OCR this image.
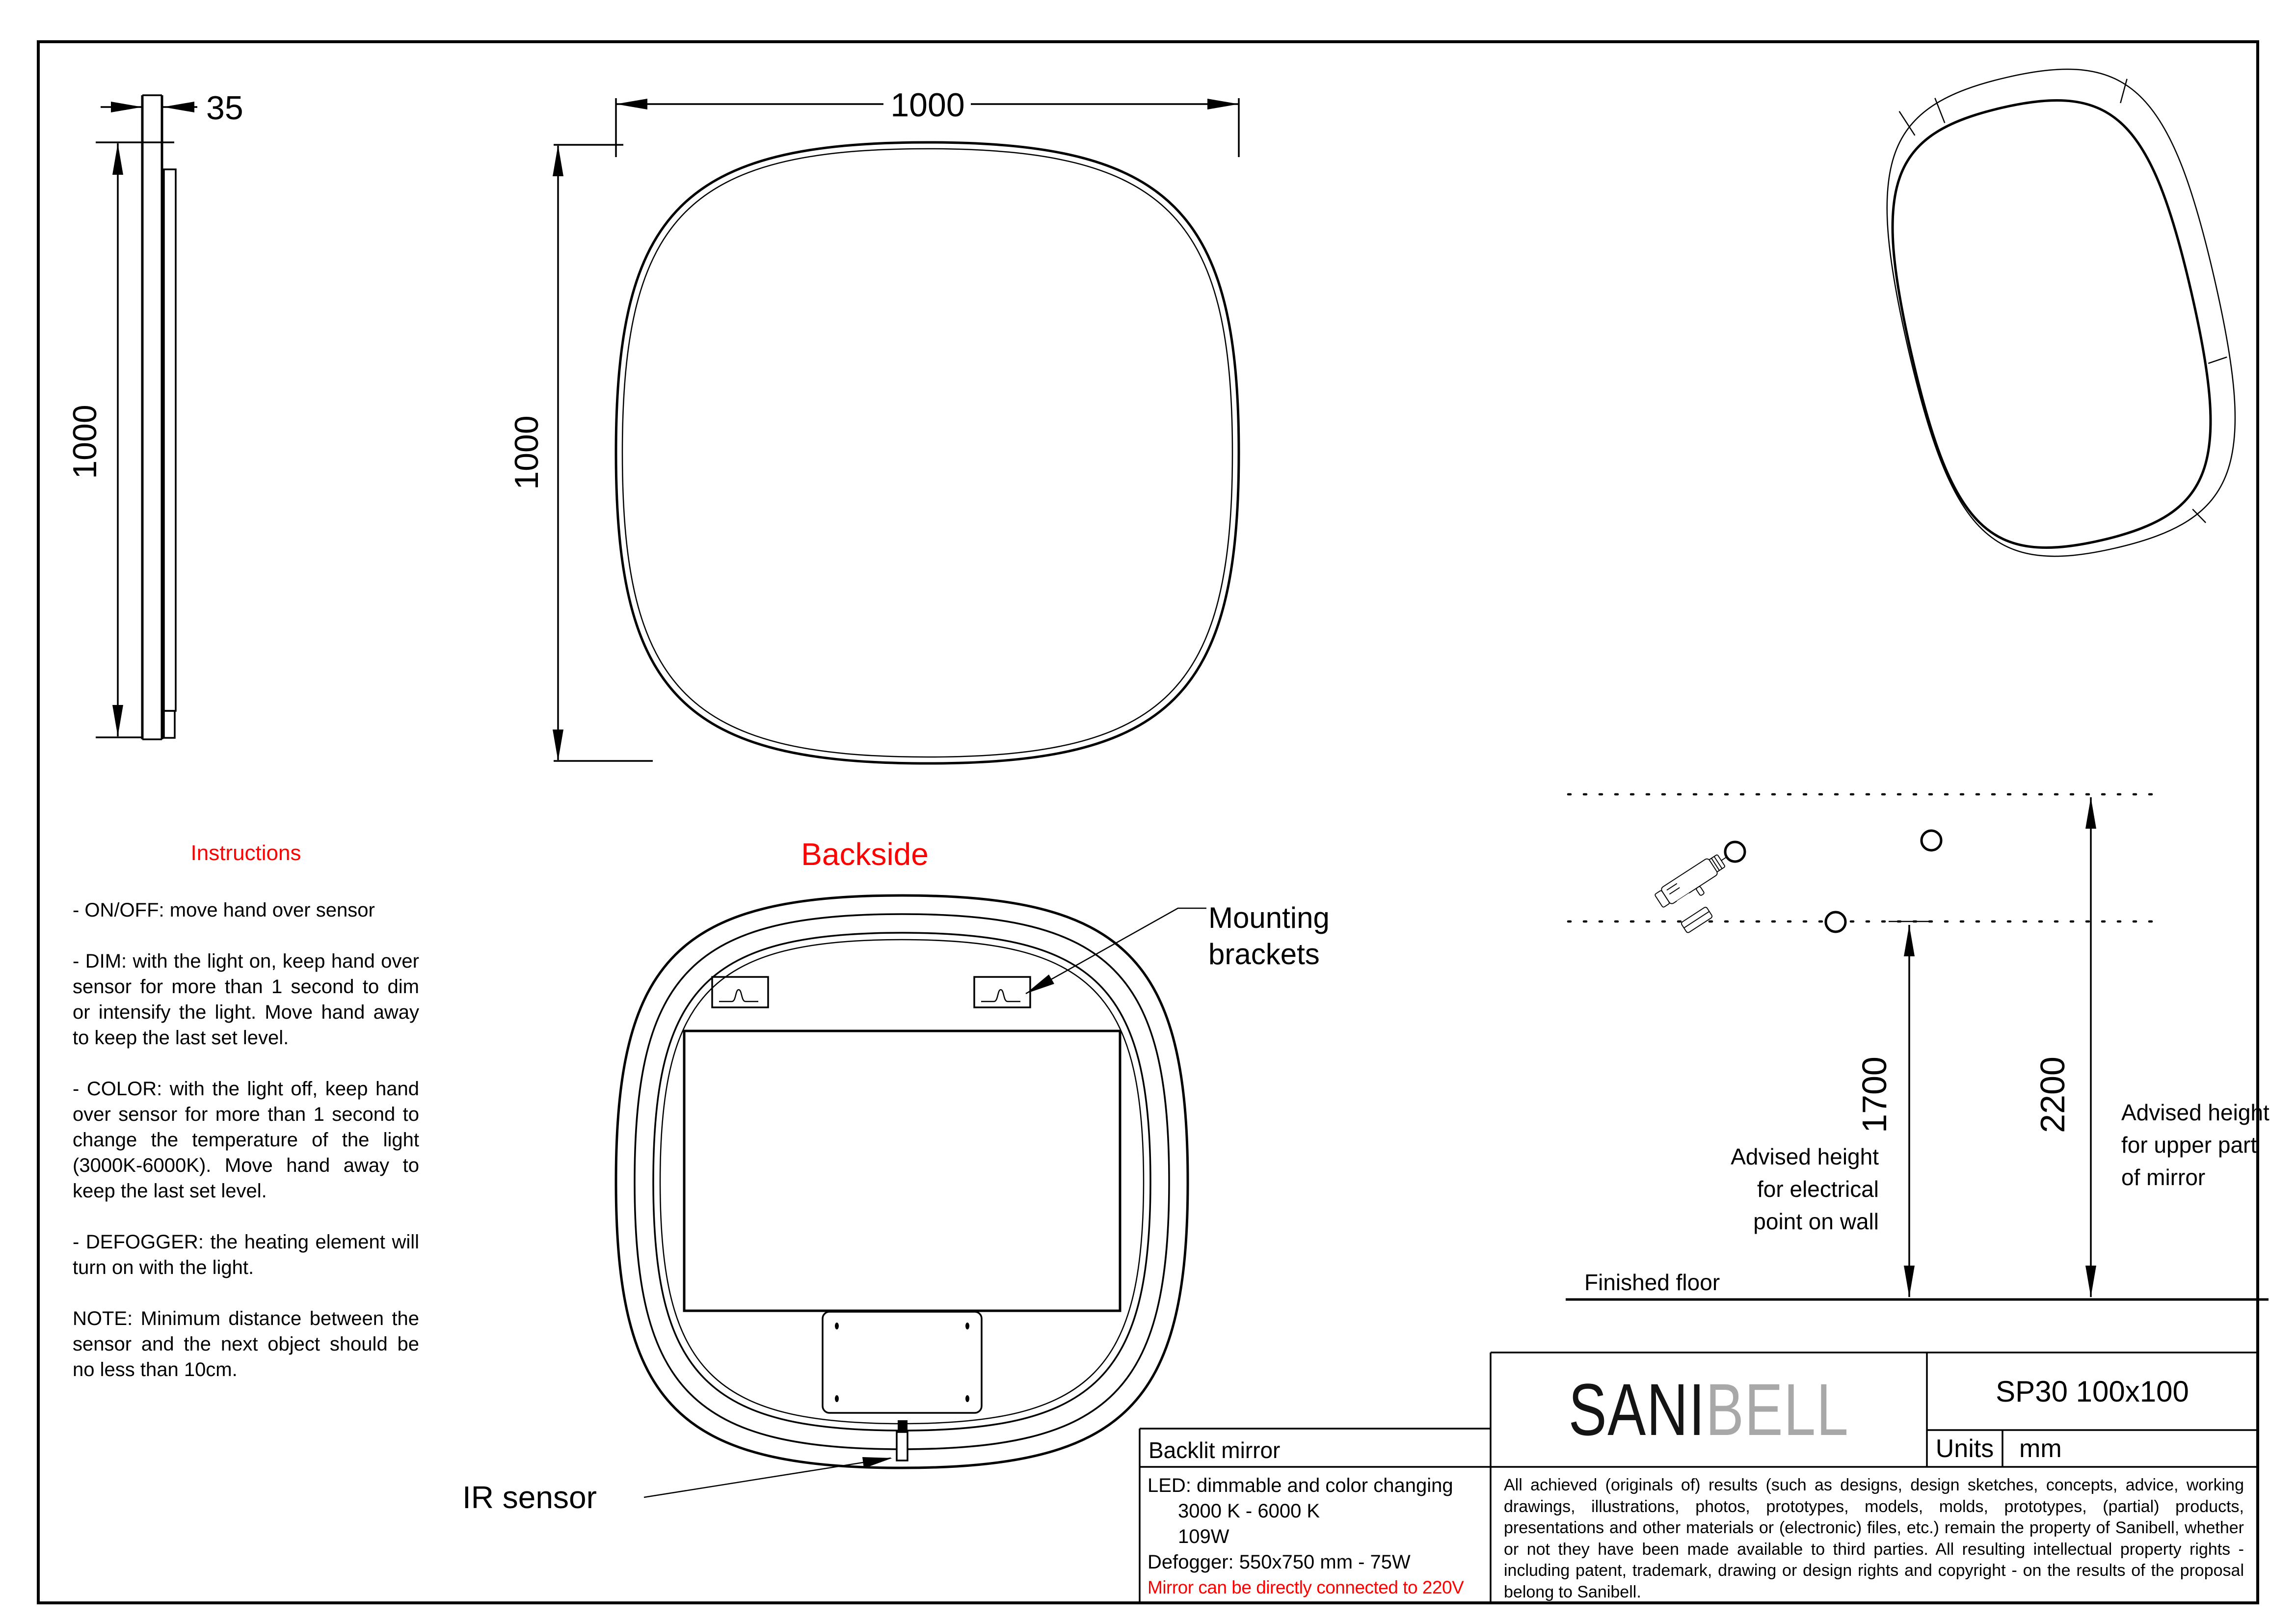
35
1000
1000
1000
Backside
Mounting
brackets
IR sensor
1700	2200
Advised height
for electrical
point on wall
Advised height
for upper part
of mirror
Finished floor
Instructions

- ON/OFF: move hand over sensor

- DIM: with the light on, keep hand over sensor for more than 1 second to dim or intensify the light. Move hand away to keep the last set level.

- COLOR: with the light off, keep hand over sensor for more than 1 second to change the temperature of the light (3000K-6000K). Move hand away to keep the last set level.

- DEFOGGER: the heating element will turn on with the light.

NOTE: Minimum distance between the sensor and the next object should be no less than 10cm.

Backlit mirror
LED: dimmable and color changing
3000 K - 6000 K
109W
Defogger: 550x750 mm - 75W
Mirror can be directly connected to 220V
SANIBELL	SP30 100x100
Units mm
All achieved (originals of) results (such as designs, design sketches, concepts, advice, working drawings, illustrations, photos, prototypes, models, molds, prototypes, (partial) products, presentations and other materials or (electronic) files, etc.) remain the property of Sanibell, whether or not they have been made available to third parties. All resulting intellectual property rights - including patent, trademark, drawing or design rights and copyright - on the results of the proposal belong to Sanibell.
